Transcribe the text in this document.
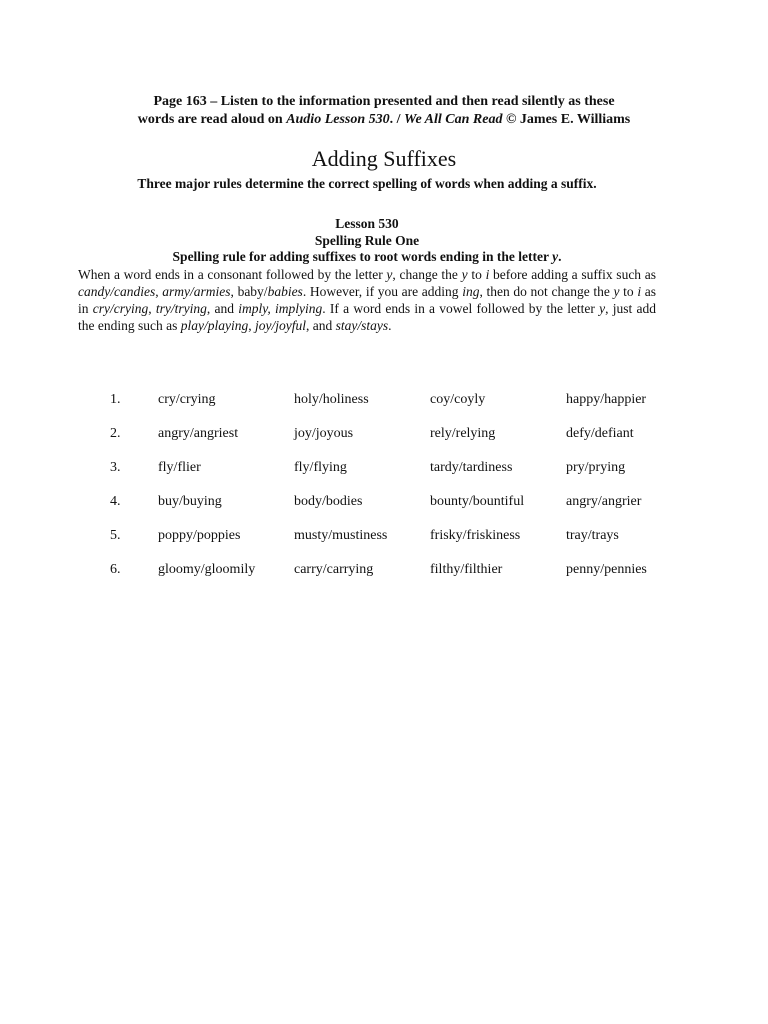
Page 163 – Listen to the information presented and then read silently as these
words are read aloud on Audio Lesson 530. / We All Can Read © James E. Williams
Adding Suffixes
Three major rules determine the correct spelling of words when adding a suffix.
Lesson 530
Spelling Rule One
Spelling rule for adding suffixes to root words ending in the letter y.
When a word ends in a consonant followed by the letter y, change the y to i before adding a suffix such as candy/candies, army/armies, baby/babies. However, if you are adding ing, then do not change the y to i as in cry/crying, try/trying, and imply, implying. If a word ends in a vowel followed by the letter y, just add the ending such as play/playing, joy/joyful, and stay/stays.
1.	cry/crying	holy/holiness	coy/coyly	happy/happier
2.	angry/angriest	joy/joyous	rely/relying	defy/defiant
3.	fly/flier	fly/flying	tardy/tardiness	pry/prying
4.	buy/buying	body/bodies	bounty/bountiful	angry/angrier
5.	poppy/poppies	musty/mustiness	frisky/friskiness	tray/trays
6.	gloomy/gloomily	carry/carrying	filthy/filthier	penny/pennies
